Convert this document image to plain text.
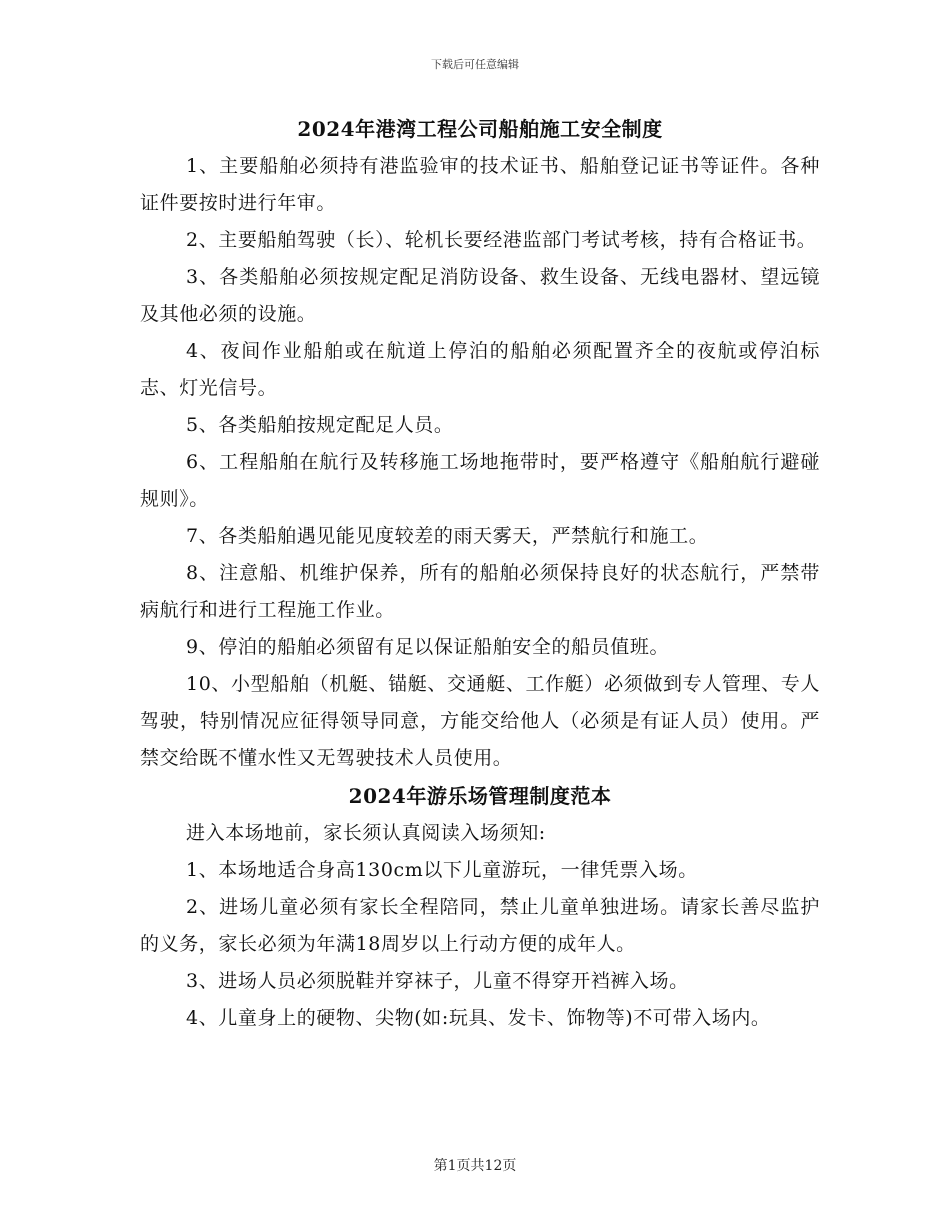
下载后可任意编辑
2024年港湾工程公司船舶施工安全制度

1、主要船舶必须持有港监验审的技术证书、船舶登记证书等证件。各种证件要按时进行年审。

2、主要船舶驾驶（长）、轮机长要经港监部门考试考核，持有合格证书。

3、各类船舶必须按规定配足消防设备、救生设备、无线电器材、望远镜及其他必须的设施。

4、夜间作业船舶或在航道上停泊的船舶必须配置齐全的夜航或停泊标志、灯光信号。

5、各类船舶按规定配足人员。

6、工程船舶在航行及转移施工场地拖带时，要严格遵守《船舶航行避碰规则》。

7、各类船舶遇见能见度较差的雨天雾天，严禁航行和施工。

8、注意船、机维护保养，所有的船舶必须保持良好的状态航行，严禁带病航行和进行工程施工作业。

9、停泊的船舶必须留有足以保证船舶安全的船员值班。

10、小型船舶（机艇、锚艇、交通艇、工作艇）必须做到专人管理、专人驾驶，特别情况应征得领导同意，方能交给他人（必须是有证人员）使用。严禁交给既不懂水性又无驾驶技术人员使用。

2024年游乐场管理制度范本

进入本场地前，家长须认真阅读入场须知:

1、本场地适合身高130cm以下儿童游玩，一律凭票入场。

2、进场儿童必须有家长全程陪同，禁止儿童单独进场。请家长善尽监护的义务，家长必须为年满18周岁以上行动方便的成年人。

3、进场人员必须脱鞋并穿袜子，儿童不得穿开裆裤入场。

4、儿童身上的硬物、尖物(如:玩具、发卡、饰物等)不可带入场内。

第1页共12页
